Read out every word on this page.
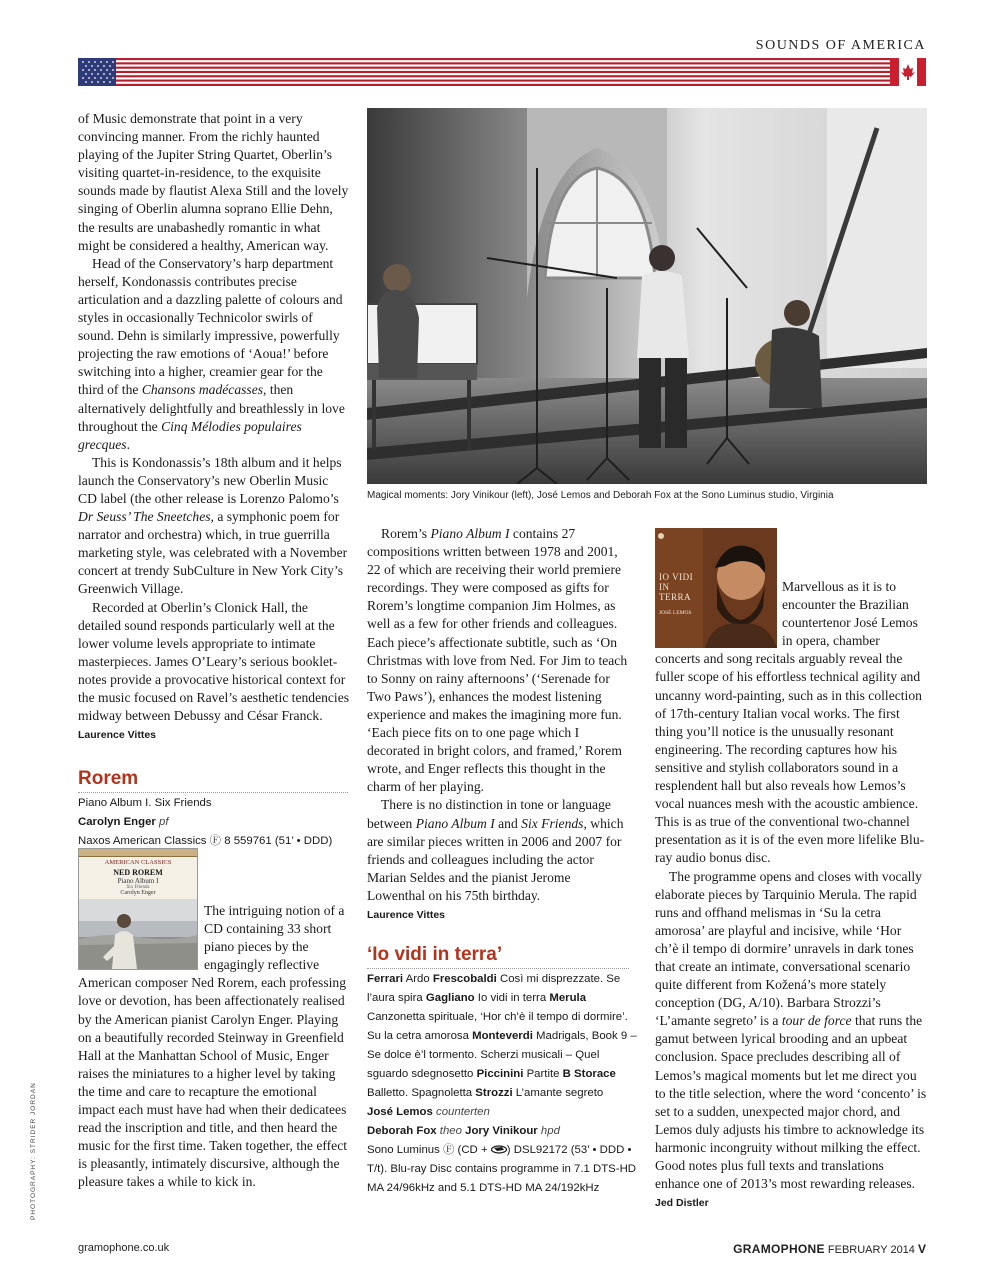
SOUNDS OF AMERICA

of Music demonstrate that point in a very convincing manner. From the richly haunted playing of the Jupiter String Quartet, Oberlin’s visiting quartet-in-residence, to the exquisite sounds made by flautist Alexa Still and the lovely singing of Oberlin alumna soprano Ellie Dehn, the results are unabashedly romantic in what might be considered a healthy, American way.

Head of the Conservatory’s harp department herself, Kondonassis contributes precise articulation and a dazzling palette of colours and styles in occasionally Technicolor swirls of sound. Dehn is similarly impressive, powerfully projecting the raw emotions of ‘Aoua!’ before switching into a higher, creamier gear for the third of the Chansons madécasses, then alternatively delightfully and breathlessly in love throughout the Cinq Mélodies populaires grecques.

This is Kondonassis’s 18th album and it helps launch the Conservatory’s new Oberlin Music CD label (the other release is Lorenzo Palomo’s Dr Seuss’ The Sneetches, a symphonic poem for narrator and orchestra) which, in true guerrilla marketing style, was celebrated with a November concert at trendy SubCulture in New York City’s Greenwich Village.

Recorded at Oberlin’s Clonick Hall, the detailed sound responds particularly well at the lower volume levels appropriate to intimate masterpieces. James O’Leary’s serious booklet-notes provide a provocative historical context for the music focused on Ravel’s aesthetic tendencies midway between Debussy and César Franck. Laurence Vittes

Rorem
Piano Album I. Six Friends
Carolyn Enger pf
Naxos American Classics Ⓕ 8 559761 (51’ • DDD)
AMERICAN CLASSICS
NED ROREM
Piano Album I
Six Friends
Carolyn Enger

The intriguing notion of a CD containing 33 short piano pieces by the engagingly reflective American composer Ned Rorem, each professing love or devotion, has been affectionately realised by the American pianist Carolyn Enger. Playing on a beautifully recorded Steinway in Greenfield Hall at the Manhattan School of Music, Enger raises the miniatures to a higher level by taking the time and care to recapture the emotional impact each must have had when their dedicatees read the inscription and title, and then heard the music for the first time. Taken together, the effect is pleasantly, intimately discursive, although the pleasure takes a while to kick in.

Magical moments: Jory Vinikour (left), José Lemos and Deborah Fox at the Sono Luminus studio, Virginia

Rorem’s Piano Album I contains 27 compositions written between 1978 and 2001, 22 of which are receiving their world premiere recordings. They were composed as gifts for Rorem’s longtime companion Jim Holmes, as well as a few for other friends and colleagues. Each piece’s affectionate subtitle, such as ‘On Christmas with love from Ned. For Jim to teach to Sonny on rainy afternoons’ (‘Serenade for Two Paws’), enhances the modest listening experience and makes the imagining more fun. ‘Each piece fits on to one page which I decorated in bright colors, and framed,’ Rorem wrote, and Enger reflects this thought in the charm of her playing.

There is no distinction in tone or language between Piano Album I and Six Friends, which are similar pieces written in 2006 and 2007 for friends and colleagues including the actor Marian Seldes and the pianist Jerome Lowenthal on his 75th birthday.

Laurence Vittes
‘Io vidi in terra’
Ferrari Ardo Frescobaldi Così mi disprezzate. Se l’aura spira Gagliano Io vidi in terra Merula Canzonetta spirituale, ‘Hor ch’è il tempo di dormire’. Su la cetra amorosa Monteverdi Madrigals, Book 9 – Se dolce è’l tormento. Scherzi musicali – Quel sguardo sdegnosetto Piccinini Partite B Storace Balletto. Spagnoletta Strozzi L’amante segreto
José Lemos counterten
Deborah Fox theo Jory Vinikour hpd
Sono Luminus Ⓕ (CD + ) DSL92172 (53’ • DDD • T/t). Blu-ray Disc contains programme in 7.1 DTS-HD MA 24/96kHz and 5.1 DTS-HD MA 24/192kHz
IO VIDI IN TERRA
JOSÉ LEMOS

Marvellous as it is to encounter the Brazilian countertenor José Lemos in opera, chamber concerts and song recitals arguably reveal the fuller scope of his effortless technical agility and uncanny word-painting, such as in this collection of 17th-century Italian vocal works. The first thing you’ll notice is the unusually resonant engineering. The recording captures how his sensitive and stylish collaborators sound in a resplendent hall but also reveals how Lemos’s vocal nuances mesh with the acoustic ambience. This is as true of the conventional two-channel presentation as it is of the even more lifelike Blu-ray audio bonus disc.

The programme opens and closes with vocally elaborate pieces by Tarquinio Merula. The rapid runs and offhand melismas in ‘Su la cetra amorosa’ are playful and incisive, while ‘Hor ch’è il tempo di dormire’ unravels in dark tones that create an intimate, conversational scenario quite different from Kožená’s more stately conception (DG, A/10). Barbara Strozzi’s ‘L’amante segreto’ is a tour de force that runs the gamut between lyrical brooding and an upbeat conclusion. Space precludes describing all of Lemos’s magical moments but let me direct you to the title selection, where the word ‘concento’ is set to a sudden, unexpected major chord, and Lemos duly adjusts his timbre to acknowledge its harmonic incongruity without milking the effect. Good notes plus full texts and translations enhance one of 2013’s most rewarding releases. Jed Distler

gramophone.co.uk	GRAMOPHONE FEBRUARY 2014 V
PHOTOGRAPHY: STRIDER JORDAN
